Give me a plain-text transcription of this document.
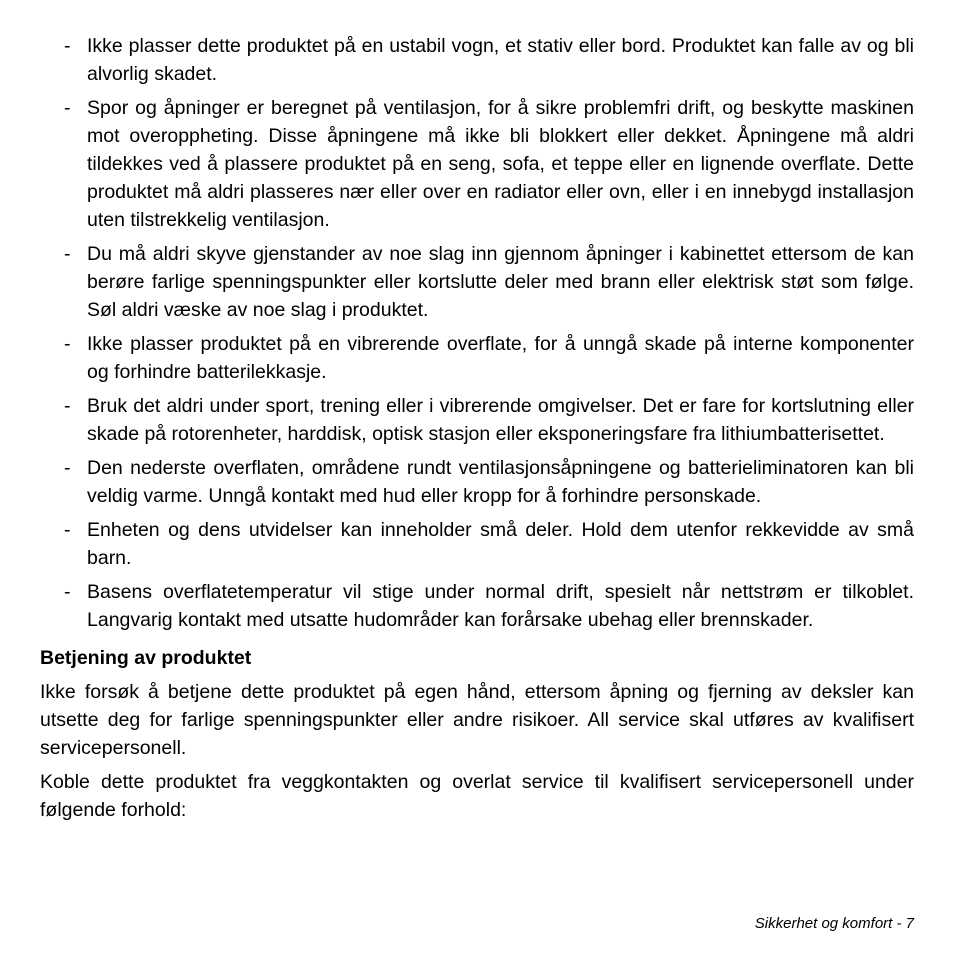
- Ikke plasser dette produktet på en ustabil vogn, et stativ eller bord. Produktet kan falle av og bli alvorlig skadet.
- Spor og åpninger er beregnet på ventilasjon, for å sikre problemfri drift, og beskytte maskinen mot overoppheting. Disse åpningene må ikke bli blokkert eller dekket. Åpningene må aldri tildekkes ved å plassere produktet på en seng, sofa, et teppe eller en lignende overflate. Dette produktet må aldri plasseres nær eller over en radiator eller ovn, eller i en innebygd installasjon uten tilstrekkelig ventilasjon.
- Du må aldri skyve gjenstander av noe slag inn gjennom åpninger i kabinettet ettersom de kan berøre farlige spenningspunkter eller kortslutte deler med brann eller elektrisk støt som følge. Søl aldri væske av noe slag i produktet.
- Ikke plasser produktet på en vibrerende overflate, for å unngå skade på interne komponenter og forhindre batterilekkasje.
- Bruk det aldri under sport, trening eller i vibrerende omgivelser. Det er fare for kortslutning eller skade på rotorenheter, harddisk, optisk stasjon eller eksponeringsfare fra lithiumbatterisettet.
- Den nederste overflaten, områdene rundt ventilasjonsåpningene og batterieliminatoren kan bli veldig varme. Unngå kontakt med hud eller kropp for å forhindre personskade.
- Enheten og dens utvidelser kan inneholder små deler. Hold dem utenfor rekkevidde av små barn.
- Basens overflatetemperatur vil stige under normal drift, spesielt når nettstrøm er tilkoblet. Langvarig kontakt med utsatte hudområder kan forårsake ubehag eller brennskader.
Betjening av produktet

Ikke forsøk å betjene dette produktet på egen hånd, ettersom åpning og fjerning av deksler kan utsette deg for farlige spenningspunkter eller andre risikoer. All service skal utføres av kvalifisert servicepersonell.

Koble dette produktet fra veggkontakten og overlat service til kvalifisert servicepersonell under følgende forhold:

Sikkerhet og komfort - 7
